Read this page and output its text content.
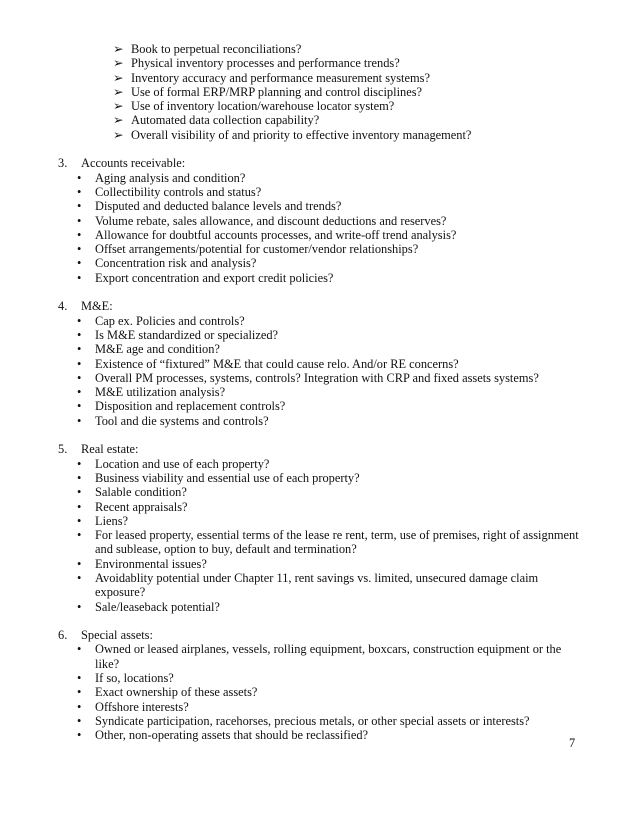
➢ Book to perpetual reconciliations?
➢ Physical inventory processes and performance trends?
➢ Inventory accuracy and performance measurement systems?
➢ Use of formal ERP/MRP planning and control disciplines?
➢ Use of inventory location/warehouse locator system?
➢ Automated data collection capability?
➢ Overall visibility of and priority to effective inventory management?
3. Accounts receivable:
• Aging analysis and condition?
• Collectibility controls and status?
• Disputed and deducted balance levels and trends?
• Volume rebate, sales allowance, and discount deductions and reserves?
• Allowance for doubtful accounts processes, and write-off trend analysis?
• Offset arrangements/potential for customer/vendor relationships?
• Concentration risk and analysis?
• Export concentration and export credit policies?
4. M&E:
• Cap ex. Policies and controls?
• Is M&E standardized or specialized?
• M&E age and condition?
• Existence of “fixtured” M&E that could cause relo. And/or RE concerns?
• Overall PM processes, systems, controls? Integration with CRP and fixed assets systems?
• M&E utilization analysis?
• Disposition and replacement controls?
• Tool and die systems and controls?
5. Real estate:
• Location and use of each property?
• Business viability and essential use of each property?
• Salable condition?
• Recent appraisals?
• Liens?
• For leased property, essential terms of the lease re rent, term, use of premises, right of assignment and sublease, option to buy, default and termination?
• Environmental issues?
• Avoidablity potential under Chapter 11, rent savings vs. limited, unsecured damage claim exposure?
• Sale/leaseback potential?
6. Special assets:
• Owned or leased airplanes, vessels, rolling equipment, boxcars, construction equipment or the like?
• If so, locations?
• Exact ownership of these assets?
• Offshore interests?
• Syndicate participation, racehorses, precious metals, or other special assets or interests?
• Other, non-operating assets that should be reclassified?
7
